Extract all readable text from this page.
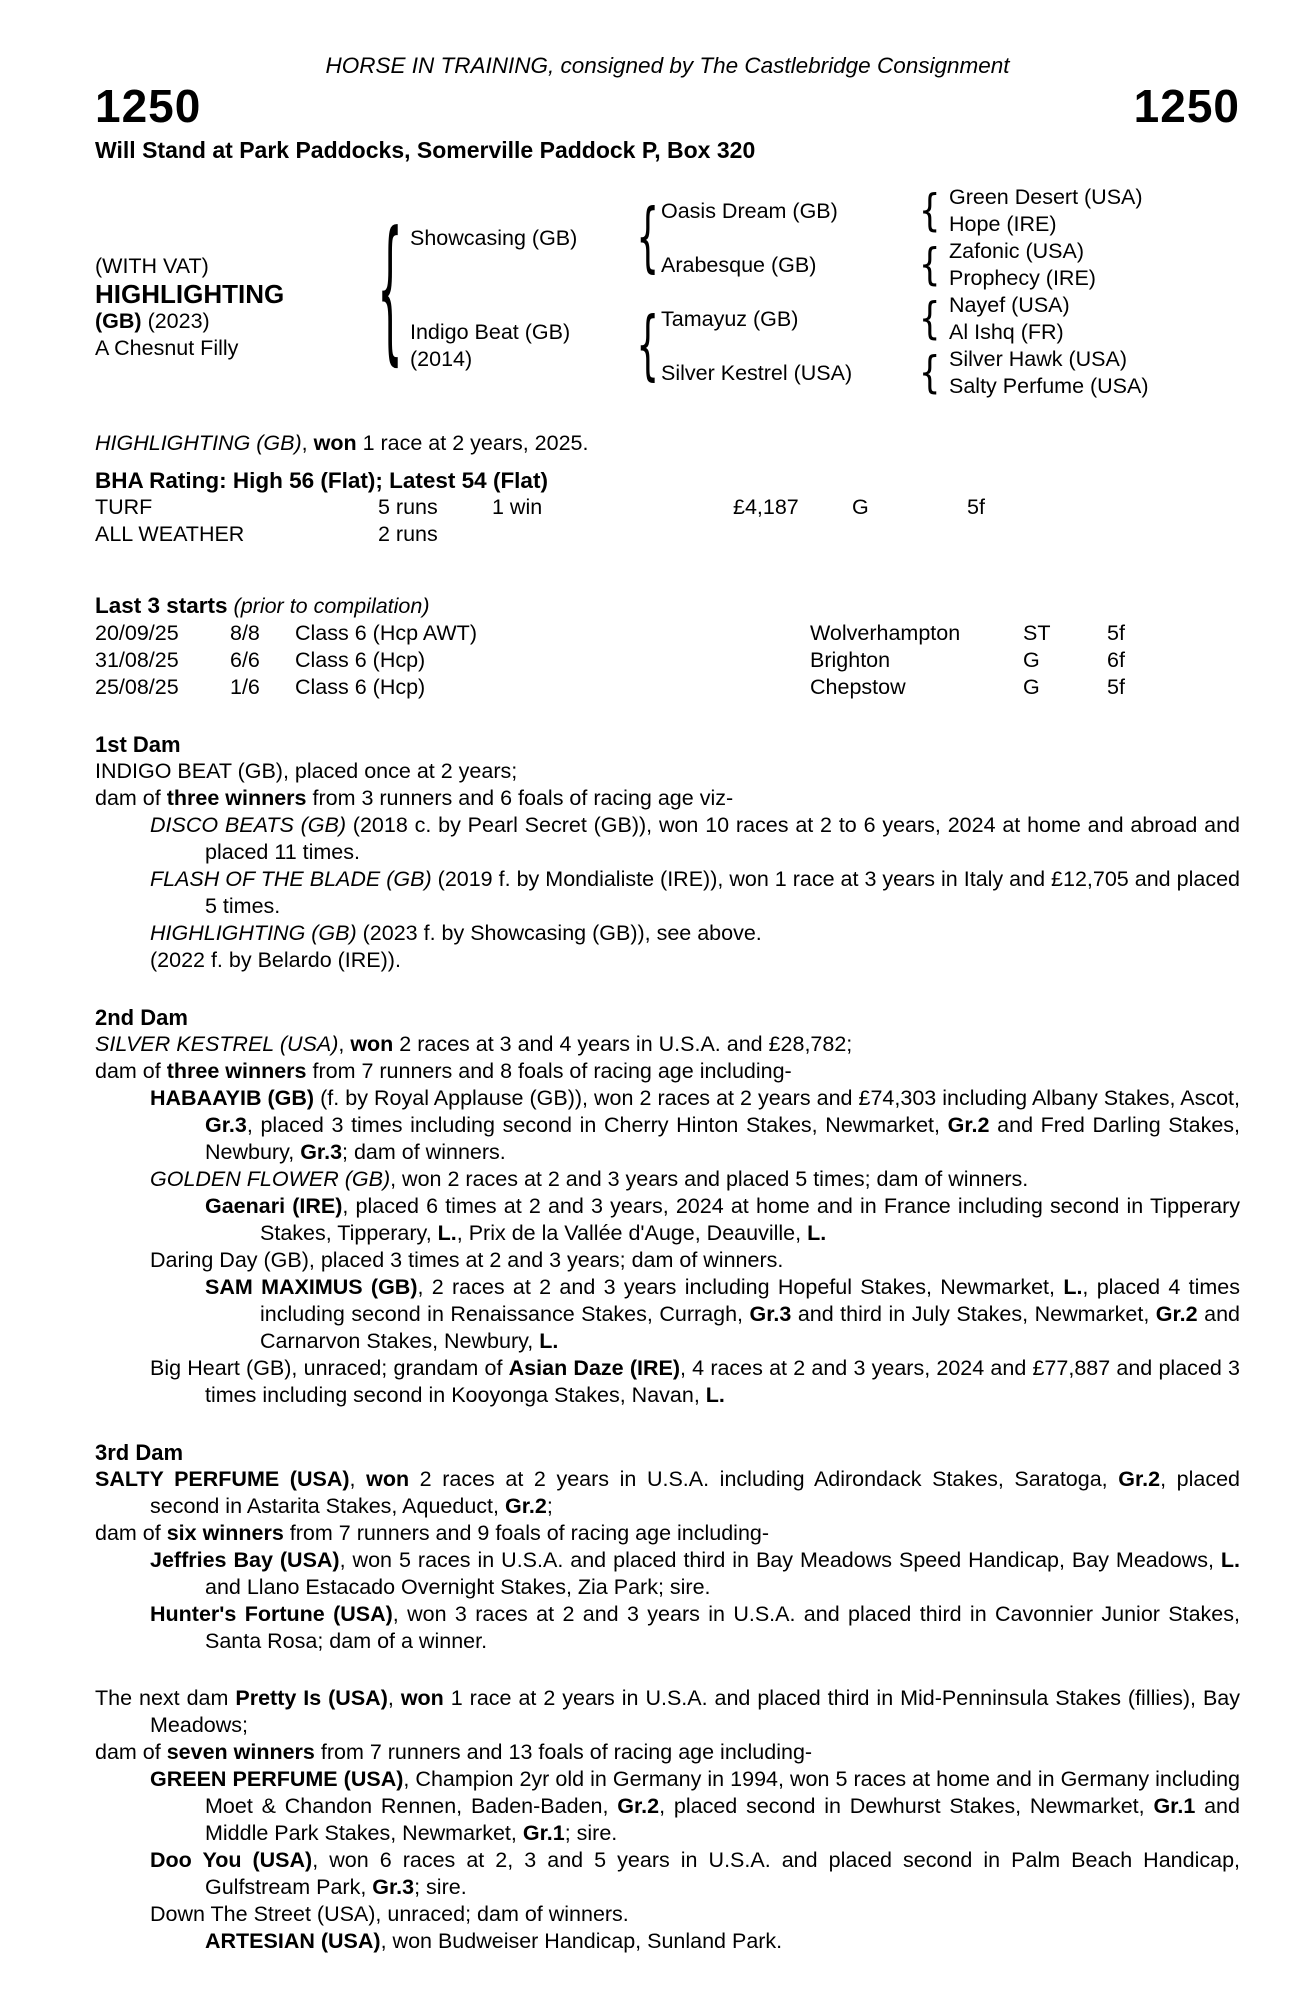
HORSE IN TRAINING, consigned by The Castlebridge Consignment
1250	1250
Will Stand at Park Paddocks, Somerville Paddock P, Box 320
(WITH VAT)
HIGHLIGHTING
(GB) (2023)
A Chesnut Filly	{ Showcasing (GB)
Indigo Beat (GB)
(2014)
{
{
Oasis Dream (GB)
Arabesque (GB)
Tamayuz (GB)
Silver Kestrel (USA)
{
{
{
{
Green Desert (USA)
Hope (IRE)
Zafonic (USA)
Prophecy (IRE)
Nayef (USA)
Al Ishq (FR)
Silver Hawk (USA)
Salty Perfume (USA)
HIGHLIGHTING (GB), won 1 race at 2 years, 2025.
BHA Rating: High 56 (Flat); Latest 54 (Flat)
TURF	5 runs	1 win	£4,187	G	5f
ALL WEATHER	2 runs
Last 3 starts (prior to compilation)
20/09/25	8/8	Class 6 (Hcp AWT)	Wolverhampton	ST	5f
31/08/25	6/6	Class 6 (Hcp)	Brighton	G	6f
25/08/25	1/6	Class 6 (Hcp)	Chepstow	G	5f
1st Dam

INDIGO BEAT (GB), placed once at 2 years;

dam of three winners from 3 runners and 6 foals of racing age viz-

DISCO BEATS (GB) (2018 c. by Pearl Secret (GB)), won 10 races at 2 to 6 years, 2024 at home and abroad and placed 11 times.

FLASH OF THE BLADE (GB) (2019 f. by Mondialiste (IRE)), won 1 race at 3 years in Italy and £12,705 and placed 5 times.

HIGHLIGHTING (GB) (2023 f. by Showcasing (GB)), see above.

(2022 f. by Belardo (IRE)).

2nd Dam

SILVER KESTREL (USA), won 2 races at 3 and 4 years in U.S.A. and £28,782;

dam of three winners from 7 runners and 8 foals of racing age including-

HABAAYIB (GB) (f. by Royal Applause (GB)), won 2 races at 2 years and £74,303 including Albany Stakes, Ascot, Gr.3, placed 3 times including second in Cherry Hinton Stakes, Newmarket, Gr.2 and Fred Darling Stakes, Newbury, Gr.3; dam of winners.

GOLDEN FLOWER (GB), won 2 races at 2 and 3 years and placed 5 times; dam of winners.

Gaenari (IRE), placed 6 times at 2 and 3 years, 2024 at home and in France including second in Tipperary Stakes, Tipperary, L., Prix de la Vallée d'Auge, Deauville, L.

Daring Day (GB), placed 3 times at 2 and 3 years; dam of winners.

SAM MAXIMUS (GB), 2 races at 2 and 3 years including Hopeful Stakes, Newmarket, L., placed 4 times including second in Renaissance Stakes, Curragh, Gr.3 and third in July Stakes, Newmarket, Gr.2 and Carnarvon Stakes, Newbury, L.

Big Heart (GB), unraced; grandam of Asian Daze (IRE), 4 races at 2 and 3 years, 2024 and £77,887 and placed 3 times including second in Kooyonga Stakes, Navan, L.

3rd Dam

SALTY PERFUME (USA), won 2 races at 2 years in U.S.A. including Adirondack Stakes, Saratoga, Gr.2, placed second in Astarita Stakes, Aqueduct, Gr.2;

dam of six winners from 7 runners and 9 foals of racing age including-

Jeffries Bay (USA), won 5 races in U.S.A. and placed third in Bay Meadows Speed Handicap, Bay Meadows, L. and Llano Estacado Overnight Stakes, Zia Park; sire.

Hunter's Fortune (USA), won 3 races at 2 and 3 years in U.S.A. and placed third in Cavonnier Junior Stakes, Santa Rosa; dam of a winner.

The next dam Pretty Is (USA), won 1 race at 2 years in U.S.A. and placed third in Mid-Penninsula Stakes (fillies), Bay Meadows;

dam of seven winners from 7 runners and 13 foals of racing age including-

GREEN PERFUME (USA), Champion 2yr old in Germany in 1994, won 5 races at home and in Germany including Moet & Chandon Rennen, Baden-Baden, Gr.2, placed second in Dewhurst Stakes, Newmarket, Gr.1 and Middle Park Stakes, Newmarket, Gr.1; sire.

Doo You (USA), won 6 races at 2, 3 and 5 years in U.S.A. and placed second in Palm Beach Handicap, Gulfstream Park, Gr.3; sire.

Down The Street (USA), unraced; dam of winners.

ARTESIAN (USA), won Budweiser Handicap, Sunland Park.
